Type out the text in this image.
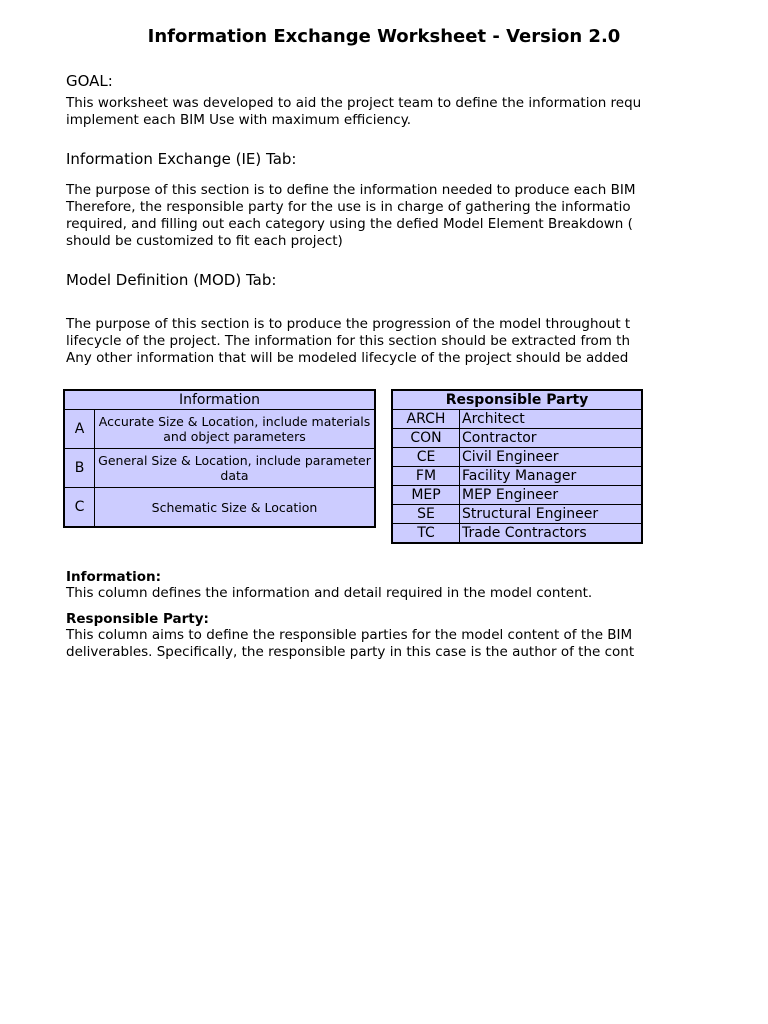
Information Exchange Worksheet - Version 2.0
GOAL:
This worksheet was developed to aid the project team to define the information requ
implement each BIM Use with maximum efficiency.
Information Exchange (IE) Tab:
The purpose of this section is to define the information needed to produce each BIM
Therefore, the responsible party for the use is in charge of gathering the informatio
required, and filling out each category using the defied Model Element Breakdown (
should be customized to fit each project)
Model Definition (MOD) Tab:
The purpose of this section is to produce the progression of the model throughout t
lifecycle of the project. The information for this section should be extracted from th
Any other information that will be modeled lifecycle of the project should be added
Information	
A	Accurate Size & Location, include materials and object parameters
B	General Size & Location, include parameter data
C	Schematic Size & Location
Responsible Party	
ARCH	Architect
CON	Contractor
CE	Civil Engineer
FM	Facility Manager
MEP	MEP Engineer
SE	Structural Engineer
TC	Trade Contractors
Information:
This column defines the information and detail required in the model content.
Responsible Party:
This column aims to define the responsible parties for the model content of the BIM
deliverables. Specifically, the responsible party in this case is the author of the cont
